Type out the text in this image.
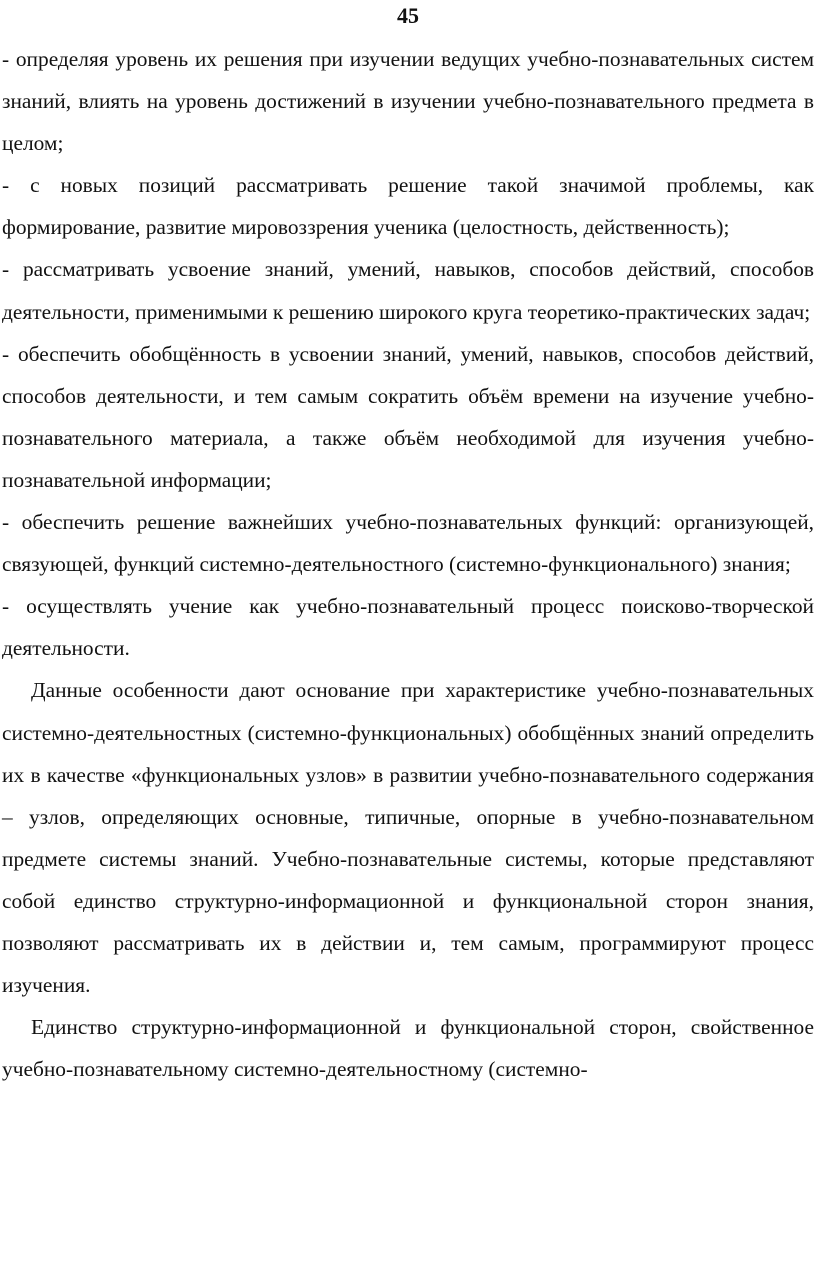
45

- определяя уровень их решения при изучении ведущих учебно-познавательных систем знаний, влиять на уровень достижений в изучении учебно-познавательного предмета в целом;

- с новых позиций рассматривать решение такой значимой проблемы, как формирование, развитие мировоззрения ученика (целостность, действенность);

- рассматривать усвоение знаний, умений, навыков, способов действий, способов деятельности, применимыми к решению широкого круга теоретико-практических задач;

- обеспечить обобщённость в усвоении знаний, умений, навыков, способов действий, способов деятельности, и тем самым сократить объём времени на изучение учебно-познавательного материала, а также объём необходимой для изучения учебно-познавательной информации;

- обеспечить решение важнейших учебно-познавательных функций: организующей, связующей, функций системно-деятельностного (системно-функционального) знания;

- осуществлять учение как учебно-познавательный процесс поисково-творческой деятельности.

Данные особенности дают основание при характеристике учебно-познавательных системно-деятельностных (системно-функциональных) обобщённых знаний определить их в качестве «функциональных узлов» в развитии учебно-познавательного содержания – узлов, определяющих основные, типичные, опорные в учебно-познавательном предмете системы знаний. Учебно-познавательные системы, которые представляют собой единство структурно-информационной и функциональной сторон знания, позволяют рассматривать их в действии и, тем самым, программируют процесс изучения.

Единство структурно-информационной и функциональной сторон, свойственное учебно-познавательному системно-деятельностному (системно-
